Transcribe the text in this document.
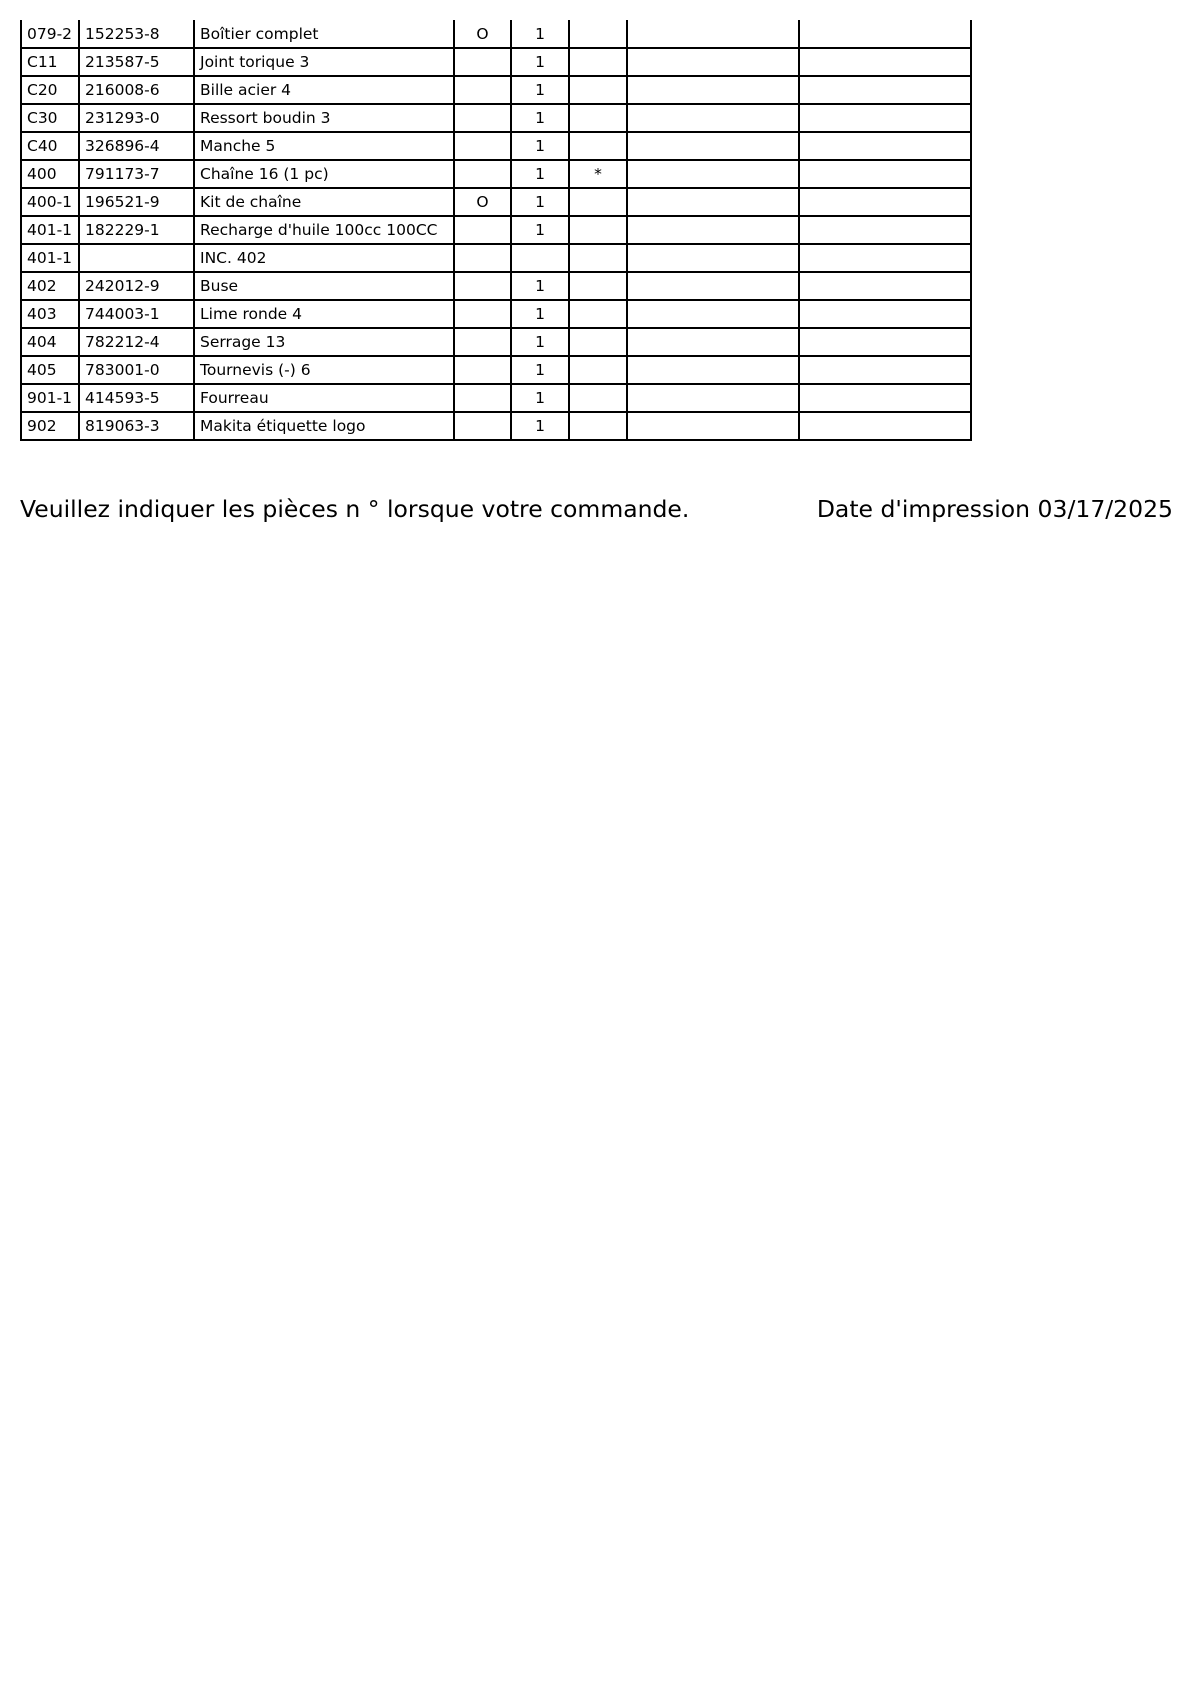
079-2	152253-8	Boîtier complet	O	1			
C11	213587-5	Joint torique 3		1			
C20	216008-6	Bille acier 4		1			
C30	231293-0	Ressort boudin 3		1			
C40	326896-4	Manche 5		1			
400	791173-7	Chaîne 16 (1 pc)		1	*		
400-1	196521-9	Kit de chaîne	O	1			
401-1	182229-1	Recharge d'huile 100cc 100CC		1			
401-1		INC. 402					
402	242012-9	Buse		1			
403	744003-1	Lime ronde 4		1			
404	782212-4	Serrage 13		1			
405	783001-0	Tournevis (-) 6		1			
901-1	414593-5	Fourreau		1			
902	819063-3	Makita étiquette logo		1			
Veuillez indiquer les pièces n ° lorsque votre commande.	Date d'impression 03/17/2025
